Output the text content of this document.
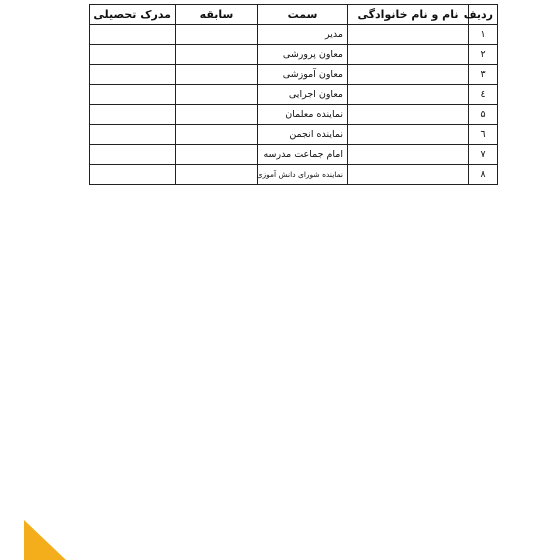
ردیف	نام و نام خانوادگی	سمت	سابقه	مدرک تحصیلی
۱		مدیر		
۲		معاون پرورشی		
۳		معاون آموزشی		
٤		معاون اجرایی		
۵		نماینده معلمان		
٦		نماینده انجمن		
۷		امام جماعت مدرسه		
۸		نماینده شورای دانش آموزی		
